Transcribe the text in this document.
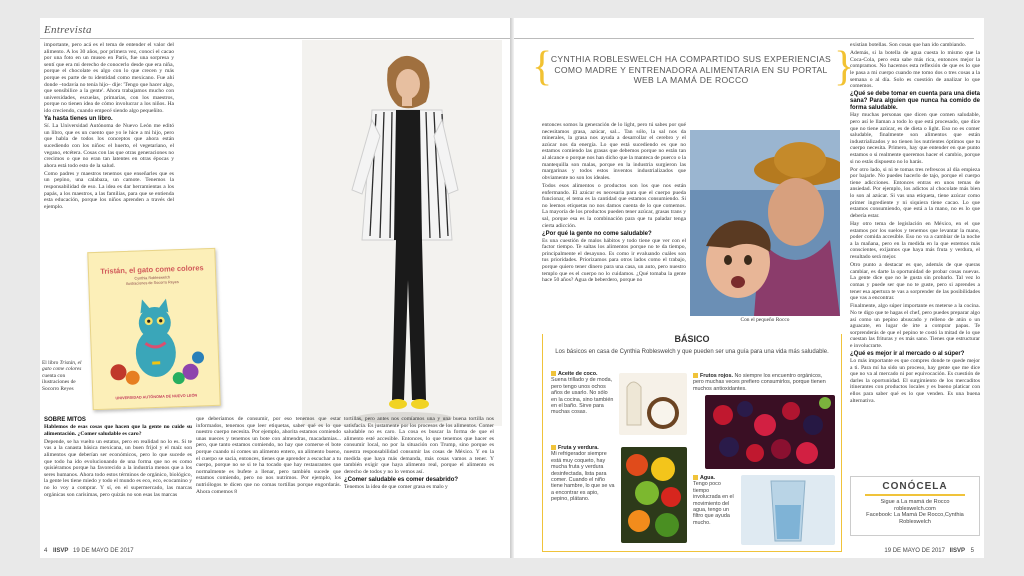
Entrevista

importante, pero acá es el tema de entender el valor del alimento. A los 30 años, por primera vez, conocí el cacao por una foto en un museo en París, fue una sorpresa y sentí que era mi derecho de conocerlo desde que era niña, porque el chocolate es algo con lo que crecen y más porque es parte de tu identidad como mexicano. Fue ahí donde –todavía no tenía hijo– dije: 'Tengo que hacer algo, que sensibilice a la gente'. Ahora trabajamos mucho con universidades, escuelas, primarias, con los maestros, porque no tienen idea de cómo involucrar a los niños. Ha ido creciendo, cuando empecé siendo algo pequeñito.

Ya hasta tienes un libro.

Sí. La Universidad Autónoma de Nuevo León me editó un libro, que es un cuento que yo le hice a mi hijo, pero que habla de todos los conceptos que ahora están sucediendo con los niños: el huerto, el vegetariano, el vegano, etcétera. Cosas con las que otras generaciones no crecimos o que no eran tan latentes en otras épocas y ahora está todo esto de la salud.

Como padres y maestros tenemos que enseñarles que es un pepino, una calabaza, un camote. Tenemos la responsabilidad de eso. La idea es dar herramientas a los papás, a los maestros, a las familias, para que se entienda esta educación, porque los niños aprenden a través del ejemplo.

Tristán, el gato come colores
Cynthia Robleswelch
Ilustraciones de Socorro Reyes
UNIVERSIDAD AUTÓNOMA DE NUEVO LEÓN
El libro Tristán, el gato come colores cuenta con ilustraciones de Socorro Reyes
SOBRE MITOS

Hablemos de esas cosas que hacen que la gente no cuide su alimentación. ¿Comer saludable es caro?

Depende, se ha vuelto un estatus, pero en realidad no lo es. Si te vas a la canasta básica mexicana, un buen frijol y el maíz son alimentos que deberían ser económicos, pero lo que sucede es que todo ha ido evolucionando de una forma que no es como quisiéramos porque ha favorecido a la industria menos que a los seres humanos. Ahora todo estos términos de orgánico, biológico, la gente les tiene miedo y todo el mundo es eco, eco, ecocamino y no lo voy a comprar. Y sí, en el supermercado, las marcas orgánicas son carísimas, pero quizás no son esas las marcas

que deberíamos de consumir, por eso tenemos que estar informados, tenemos que leer etiquetas, saber qué es lo que nuestro cuerpo necesita. Por ejemplo, ahorita estamos comiendo unas nueces y tenemos un bote con almendras, macadamias... pero, que tanto estamos comiendo, no hay que comerse el bote porque cuando ni comes un alimento entero, un alimento bueno, el cuerpo se sacia, entonces, tienes que aprender a escuchar a tu cuerpo, porque no se si te ha tocado que hay restaurantes que normalmente es bufete a llenar, pero también sucede que estamos comiendo, pero no nos nutrimos. Por ejemplo, los nutriólogos te dicen que no comas tortillas porque engordarás. Ahora comemos 8

tortillas, pero antes nos comíamos una y una buena tortilla nos satisfacía. Es justamente por los procesos de los alimentos. Comer saludable no es caro. La cosa es buscar la forma de que el alimento esté accesible. Entonces, lo que tenemos que hacer es consumir local, no por la situación con Trump, sino porque es nuestra responsabilidad consumir las cosas de México. Y en la medida que haya más demanda, más cosas vamos a tener. Y también exigir que haya alimento real, porque el alimento es derecho de todos y no lo vemos así.

¿Comer saludable es comer desabrido?

Tenemos la idea de que comer grasa es malo y

4 IISVP 19 DE MAYO DE 2017
{
CYNTHIA ROBLESWELCH HA COMPARTIDO SUS EXPERIENCIAS COMO MADRE Y ENTRENADORA ALIMENTARIA EN SU PORTAL WEB LA MAMÁ DE ROCCO	}

entonces somos la generación de lo light, pero tú sabes por qué necesitamos grasa, azúcar, sal... Tan sólo, la sal nos da minerales, la grasa nos ayuda a desarrollar el cerebro y el azúcar nos da energía. Lo que está sucediendo es que no estamos comiendo las grasas que debemos porque no están tan al alcance o porque nos han dicho que la manteca de puerco o la mantequilla son malas, porque en la industria surgieron las margarinas y todos estos inventos industrializados que obviamente no son los ideales.

Todos esos alimentos o productos son los que nos están enfermando. El azúcar es necesaria para que el cuerpo pueda funcionar, el tema es la cantidad que estamos consumiendo. Si no leemos etiquetas no nos damos cuenta de lo que comemos. La mayoría de los productos pueden tener azúcar, grasas trans y sal, porque esa es la combinación para que tu paladar tenga cierta adicción.

¿Por qué la gente no come saludable?

Es una cuestión de malos hábitos y todo tiene que ver con el factor tiempo. Te saltas los alimentos porque no te da tiempo, principalmente el desayuno. Es como ir evaluando cuáles son tus prioridades. Priorizamos para otros lados como el trabajo, porque quiero tener dinero para una casa, un auto, pero nuestro templo que es el cuerpo no lo cuidamos. ¿Qué tomaba la gente hace 50 años? Agua de beberdero, porque no

Con el pequeño Rocco

existían botellas. Son cosas que han ido cambiando.

Además, si la botella de agua cuesta lo mismo que la Coca-Cola, pero esta sabe más rica, entonces mejor la compramos. No hacemos esta reflexión de que es lo que le pasa a mi cuerpo cuando me tomo dos o tres cosas a la semana o al día. Solo es cuestión de analizar lo que comemos.

¿Qué se debe tomar en cuenta para una dieta sana? Para alguien que nunca ha comido de forma saludable.

Hay muchas personas que dicen que comen saludable, pero así le llaman a todo lo que está procesado, que dice que no tiene azúcar, es de dieta o light. Eso no es comer saludable, finalmente son alimentos que están industrializados y no tienen los nutrientes óptimos que tu cuerpo necesita. Primero, hay que entender en que punto estamos o si realmente queremos hacer el cambio, porque si no estás dispuesto no lo harás.

Por otro lado, si ni te tomas tres refrescos al día empieza por bajarle. No puedes hacerlo de tajo, porque el cuerpo tiene adicciones. Entonces entras en unos temas de ansiedad. Por ejemplo, los adictos al chocolate más bien lo son al azúcar. Si vas una etiqueta, tiene azúcar como primer ingrediente y ni siquiera tiene cacao. Lo que estamos consumiendo, que está a la mano, no es lo que debería estar.

Hay otro tema de legislación en México, en el que estamos por los suelos y tenemos que levantar la mano, poder comida accesible. Eso no va a cambiar de la noche a la mañana, pero en la medida en la que estemos más conscientes, exijamos que haya más fruta y verdura, el resultado será mejor.

Otro punto a destacar es que, además de que queras cambiar, es darte la oportunidad de probar cosas nuevas. La gente dice que no le gusta sin probarlo. Tal vez lo comas y puede ser que no te guste, pero si aprendes a tener esa apertura te vas a sorprender de las posibilidades que vas a encontrar.

Finalmente, algo súper importante es meterse a la cocina. No te digo que te hagas el chef, pero puedes preparar algo así como un pepino abuscado y relleno de atún o un aguacate, en lugar de irte a comprar papas. Te sorprenderás de que el pepino te costó la mitad de lo que cuestan las frituras y es más sano. Tienes que estructurar e involucrarte.

¿Qué es mejor ir al mercado o al súper?

Lo más importante es que compres donde te quede mejor a ti. Para mí ha sido un proceso, hay gente que me dice que no va al mercado ni por equivocación. Es cuestión de darles la oportunidad. El surgimiento de los mercaditos itinerantes con productos locales y es bueno platicar con ellos para saber qué es lo que venden. Es una buena alternativa.

BÁSICO
Los básicos en casa de Cynthia Robleswelch y que pueden ser una guía para una vida más saludable.
Aceite de coco.
Suena trillado y de moda, pero tengo unos ochos años de usarlo. No sólo en la cocina, sino también en el baño. Sirve para muchas cosas.
Frutos rojos. No siempre los encuentro orgánicos, pero muchas veces prefiero consumirlos, porque tienen muchos antioxidantes.
Fruta y verdura.
Mi refrigerador siempre está muy coqueto, hay mucha fruta y verdura desinfectada, lista para comer. Cuando el niño tiene hambre, lo que se va a encontrar es apio, pepino, plátano.
Agua.
Tengo poco tiempo involucrada en el movimiento del agua, tengo un filtro que ayuda mucho.
CONÓCELA
Sigue a La mamá de Rocco
robleswelch.com
Facebook: La Mamá De Rocco,Cynthia Robleswelch
19 DE MAYO DE 2017 IISVP 5
